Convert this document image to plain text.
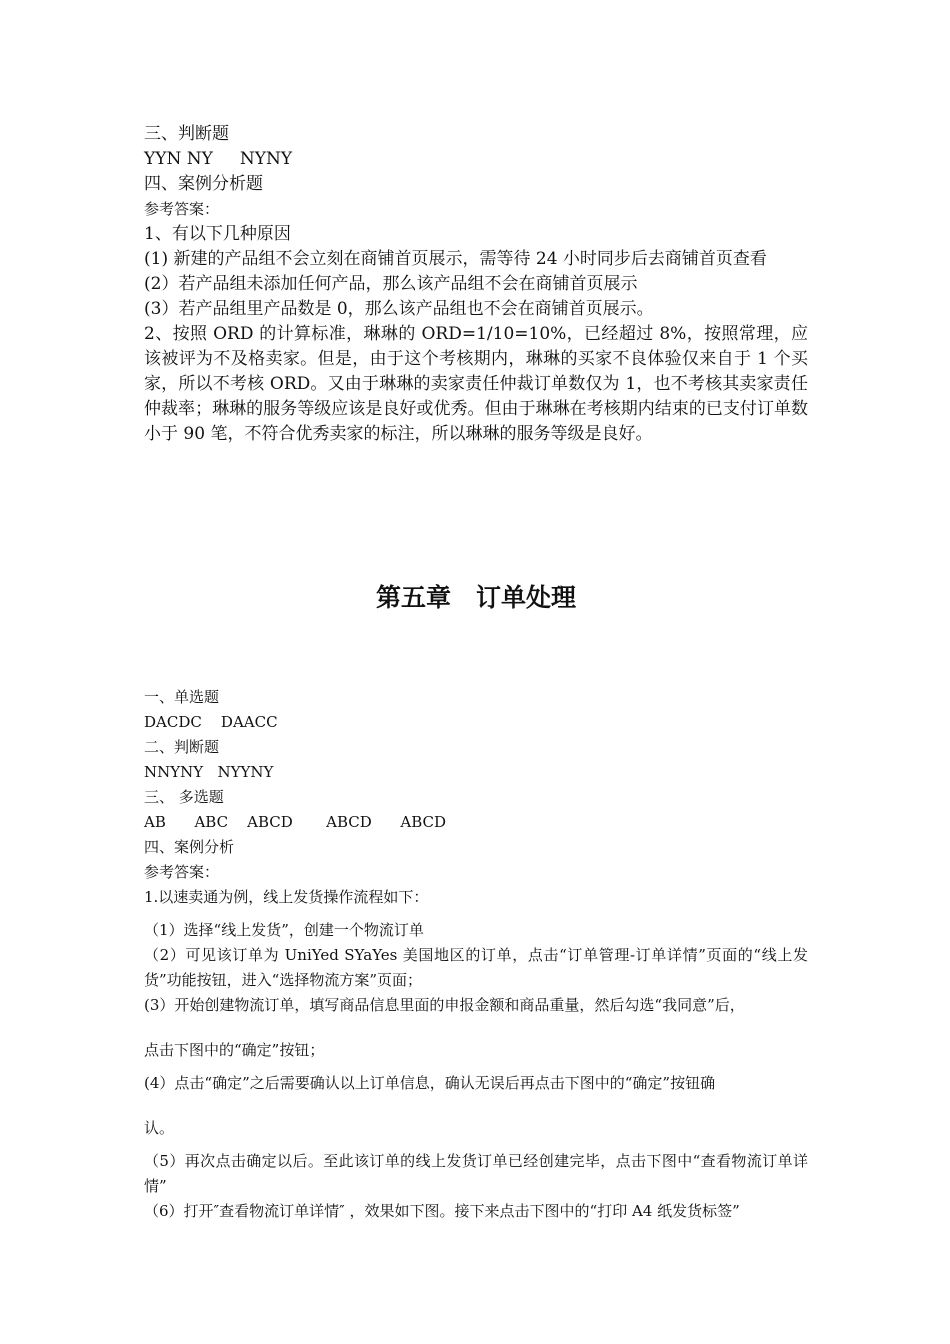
三、判断题
YYN NY     NYNY
四、案例分析题
参考答案：
1、有以下几种原因
(1) 新建的产品组不会立刻在商铺首页展示，需等待 24 小时同步后去商铺首页查看
(2）若产品组未添加任何产品，那么该产品组不会在商铺首页展示
(3）若产品组里产品数是 0，那么该产品组也不会在商铺首页展示。
2、按照 ORD 的计算标准，琳琳的 ORD=1/10=10%，已经超过 8%，按照常理，应该被评为不及格卖家。但是，由于这个考核期内，琳琳的买家不良体验仅来自于 1 个买家，所以不考核 ORD。又由于琳琳的卖家责任仲裁订单数仅为 1，也不考核其卖家责任仲裁率；琳琳的服务等级应该是良好或优秀。但由于琳琳在考核期内结束的已支付订单数小于 90 笔，不符合优秀卖家的标注，所以琳琳的服务等级是良好。
第五章　订单处理
一、单选题
DACDC    DAACC
二、判断题
NNYNY   NYYNY
三、 多选题
AB      ABC    ABCD       ABCD      ABCD
四、案例分析
参考答案：
1.以速卖通为例，线上发货操作流程如下：
（1）选择“线上发货”，创建一个物流订单
（2）可见该订单为 UniYed SYaYes 美国地区的订单，点击“订单管理-订单详情”页面的“线上发货”功能按钮，进入“选择物流方案”页面；
(3）开始创建物流订单，填写商品信息里面的申报金额和商品重量，然后勾选“我同意”后，
点击下图中的“确定”按钮；
(4）点击“确定”之后需要确认以上订单信息，确认无误后再点击下图中的“确定”按钮确
认。
（5）再次点击确定以后。至此该订单的线上发货订单已经创建完毕，点击下图中“查看物流订单详情”
（6）打开″查看物流订单详情″ ，效果如下图。接下来点击下图中的“打印 A4 纸发货标签”
